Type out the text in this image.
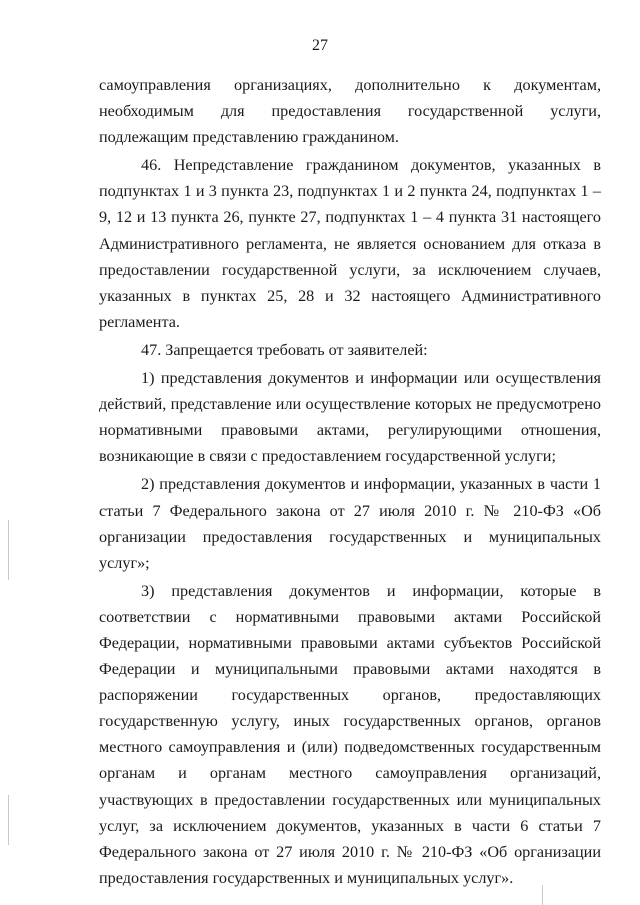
27

самоуправления организациях, дополнительно к документам, необходимым для предоставления государственной услуги, подлежащим представлению гражданином.

46. Непредставление гражданином документов, указанных в подпунктах 1 и 3 пункта 23, подпунктах 1 и 2 пункта 24, подпунктах 1 – 9, 12 и 13 пункта 26, пункте 27, подпунктах 1 – 4 пункта 31 настоящего Административного регламента, не является основанием для отказа в предоставлении государственной услуги, за исключением случаев, указанных в пунктах 25, 28 и 32 настоящего Административного регламента.

47. Запрещается требовать от заявителей:

1) представления документов и информации или осуществления действий, представление или осуществление которых не предусмотрено нормативными правовыми актами, регулирующими отношения, возникающие в связи с предоставлением государственной услуги;

2) представления документов и информации, указанных в части 1 статьи 7 Федерального закона от 27 июля 2010 г. № 210-ФЗ «Об организации предоставления государственных и муниципальных услуг»;

3) представления документов и информации, которые в соответствии с нормативными правовыми актами Российской Федерации, нормативными правовыми актами субъектов Российской Федерации и муниципальными правовыми актами находятся в распоряжении государственных органов, предоставляющих государственную услугу, иных государственных органов, органов местного самоуправления и (или) подведомственных государственным органам и органам местного самоуправления организаций, участвующих в предоставлении государственных или муниципальных услуг, за исключением документов, указанных в части 6 статьи 7 Федерального закона от 27 июля 2010 г. № 210-ФЗ «Об организации предоставления государственных и муниципальных услуг».
